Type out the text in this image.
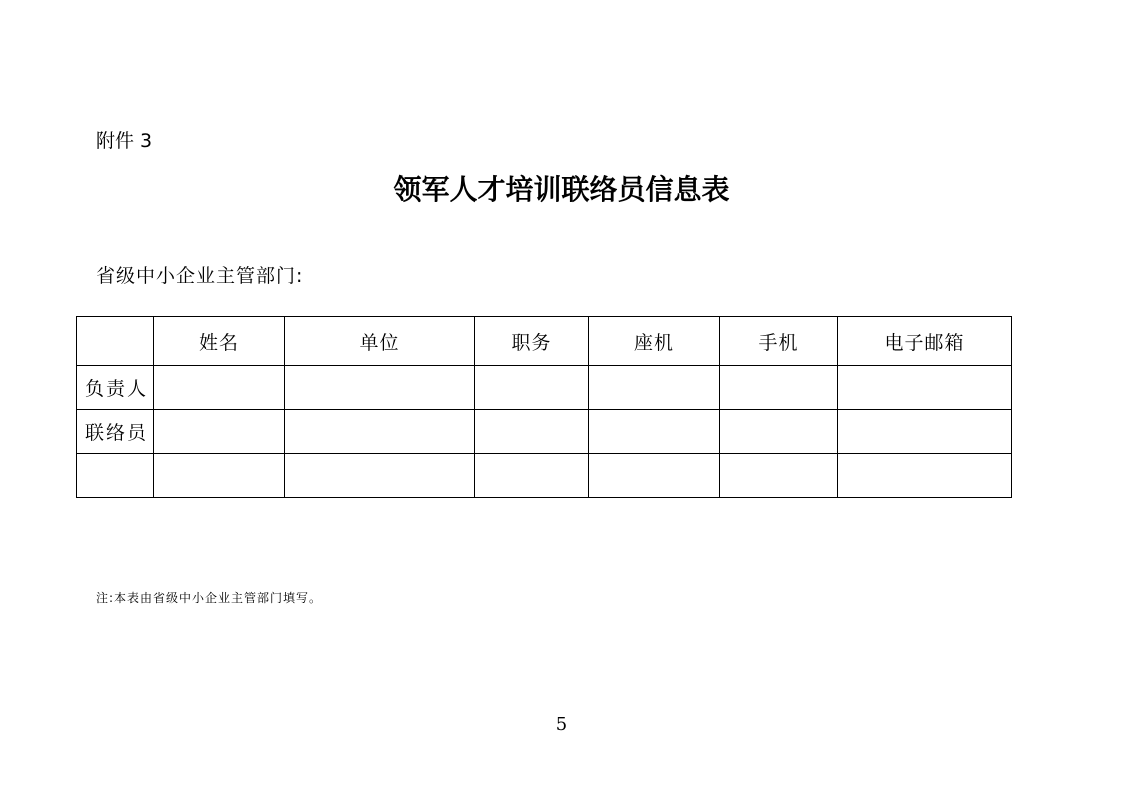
附件 3
领军人才培训联络员信息表
省级中小企业主管部门:
	姓名	单位	职务	座机	手机	电子邮箱
负责人						
联络员						

注:本表由省级中小企业主管部门填写。
5
